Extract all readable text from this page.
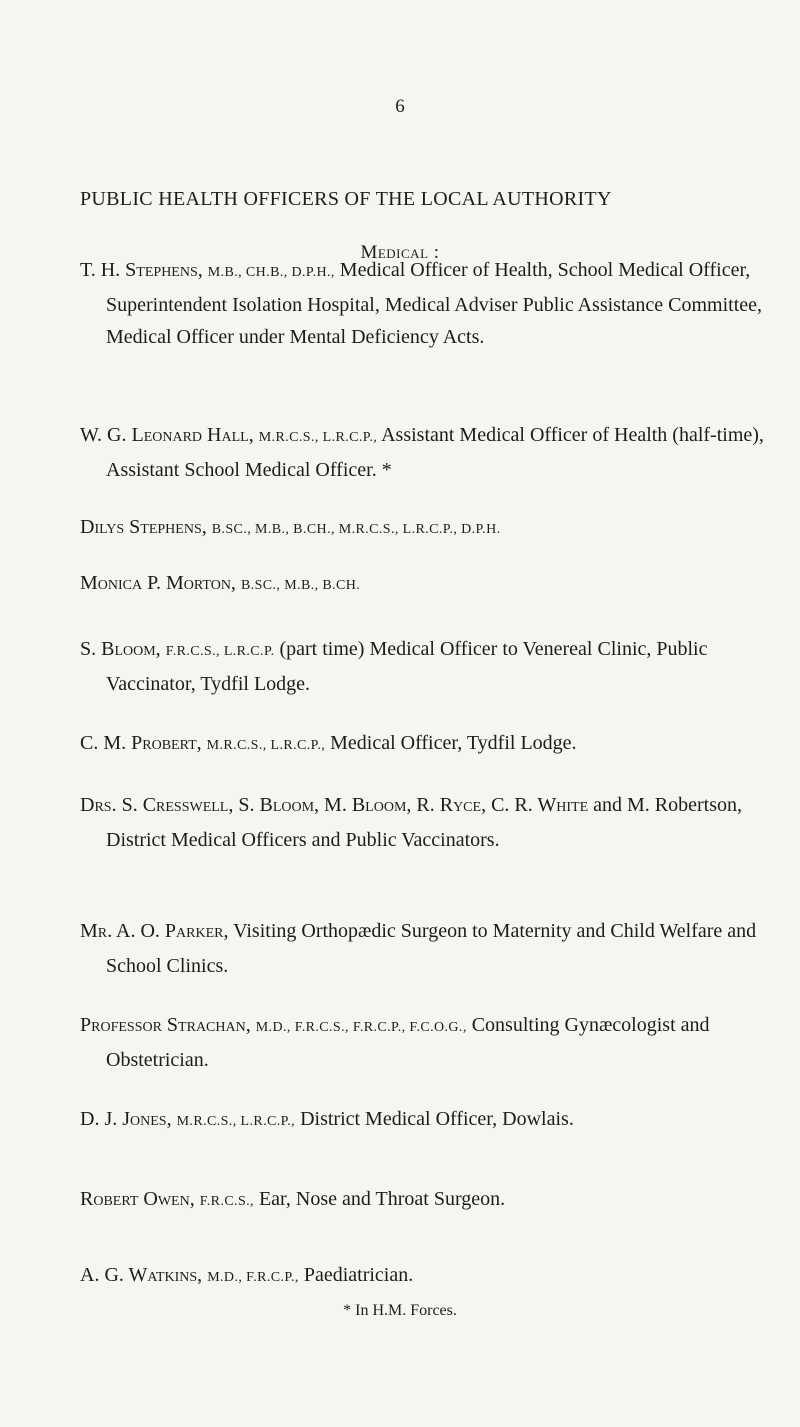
6
PUBLIC HEALTH OFFICERS OF THE LOCAL AUTHORITY
Medical :
T. H. Stephens, M.B., CH.B., D.P.H., Medical Officer of Health, School Medical Officer, Superintendent Isolation Hospital, Medical Adviser Public Assistance Committee, Medical Officer under Mental Deficiency Acts.
W. G. Leonard Hall, M.R.C.S., L.R.C.P., Assistant Medical Officer of Health (half-time), Assistant School Medical Officer. *
Dilys Stephens, B.SC., M.B., B.CH., M.R.C.S., L.R.C.P., D.P.H.
Monica P. Morton, B.SC., M.B., B.CH.
S. Bloom, F.R.C.S., L.R.C.P. (part time) Medical Officer to Venereal Clinic, Public Vaccinator, Tydfil Lodge.
C. M. Probert, M.R.C.S., L.R.C.P., Medical Officer, Tydfil Lodge.
Drs. S. Cresswell, S. Bloom, M. Bloom, R. Ryce, C. R. White and M. Robertson, District Medical Officers and Public Vaccinators.
Mr. A. O. Parker, Visiting Orthopædic Surgeon to Maternity and Child Welfare and School Clinics.
Professor Strachan, M.D., F.R.C.S., F.R.C.P., F.C.O.G., Consulting Gynæcologist and Obstetrician.
D. J. Jones, M.R.C.S., L.R.C.P., District Medical Officer, Dowlais.
Robert Owen, F.R.C.S., Ear, Nose and Throat Surgeon.
A. G. Watkins, M.D., F.R.C.P., Paediatrician.
* In H.M. Forces.
